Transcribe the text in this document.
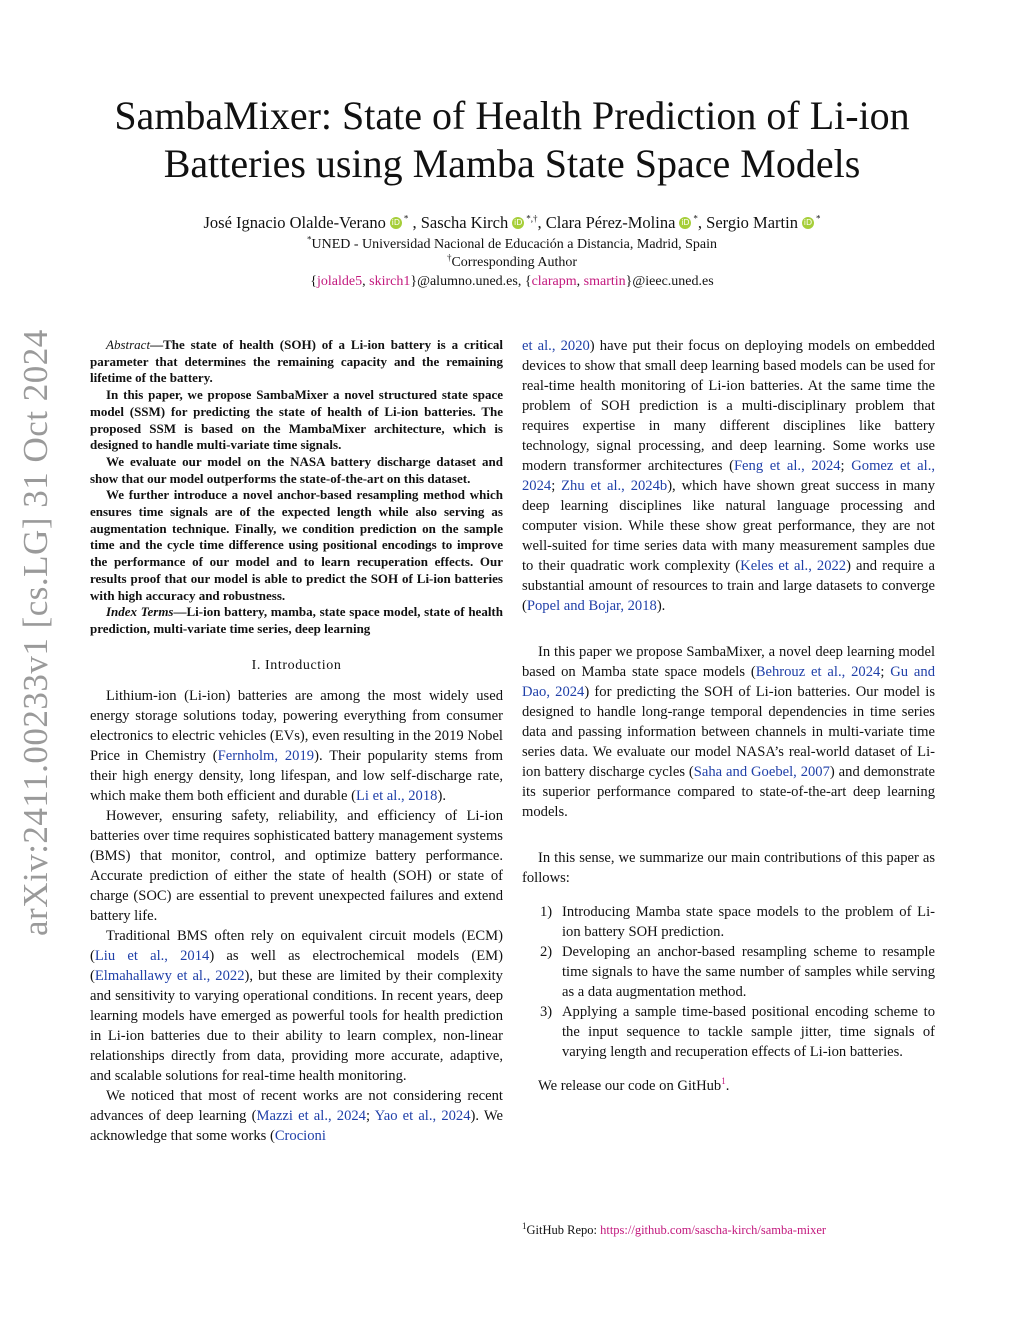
arXiv:2411.00233v1 [cs.LG] 31 Oct 2024
SambaMixer: State of Health Prediction of Li-ion Batteries using Mamba State Space Models
José Ignacio Olalde-Verano iD * , Sascha Kirch iD *,†, Clara Pérez-Molina iD *, Sergio Martin iD *
*UNED - Universidad Nacional de Educación a Distancia, Madrid, Spain
†Corresponding Author
{jolalde5, skirch1}@alumno.uned.es, {clarapm, smartin}@ieec.uned.es

Abstract—The state of health (SOH) of a Li-ion battery is a critical parameter that determines the remaining capacity and the remaining lifetime of the battery.

In this paper, we propose SambaMixer a novel structured state space model (SSM) for predicting the state of health of Li-ion batteries. The proposed SSM is based on the MambaMixer architecture, which is designed to handle multi-variate time signals.

We evaluate our model on the NASA battery discharge dataset and show that our model outperforms the state-of-the-art on this dataset.

We further introduce a novel anchor-based resampling method which ensures time signals are of the expected length while also serving as augmentation technique. Finally, we condition prediction on the sample time and the cycle time difference using positional encodings to improve the performance of our model and to learn recuperation effects. Our results proof that our model is able to predict the SOH of Li-ion batteries with high accuracy and robustness.

Index Terms—Li-ion battery, mamba, state space model, state of health prediction, multi-variate time series, deep learning

I. Introduction

Lithium-ion (Li-ion) batteries are among the most widely used energy storage solutions today, powering everything from consumer electronics to electric vehicles (EVs), even resulting in the 2019 Nobel Price in Chemistry (Fernholm, 2019). Their popularity stems from their high energy density, long lifespan, and low self-discharge rate, which make them both efficient and durable (Li et al., 2018).

However, ensuring safety, reliability, and efficiency of Li-ion batteries over time requires sophisticated battery management systems (BMS) that monitor, control, and optimize battery performance. Accurate prediction of either the state of health (SOH) or state of charge (SOC) are essential to prevent unexpected failures and extend battery life.

Traditional BMS often rely on equivalent circuit models (ECM) (Liu et al., 2014) as well as electrochemical models (EM) (Elmahallawy et al., 2022), but these are limited by their complexity and sensitivity to varying operational conditions. In recent years, deep learning models have emerged as powerful tools for health prediction in Li-ion batteries due to their ability to learn complex, non-linear relationships directly from data, providing more accurate, adaptive, and scalable solutions for real-time health monitoring.

We noticed that most of recent works are not considering recent advances of deep learning (Mazzi et al., 2024; Yao et al., 2024). We acknowledge that some works (Crocioni

et al., 2020) have put their focus on deploying models on embedded devices to show that small deep learning based models can be used for real-time health monitoring of Li-ion batteries. At the same time the problem of SOH prediction is a multi-disciplinary problem that requires expertise in many different disciplines like battery technology, signal processing, and deep learning. Some works use modern transformer architectures (Feng et al., 2024; Gomez et al., 2024; Zhu et al., 2024b), which have shown great success in many deep learning disciplines like natural language processing and computer vision. While these show great performance, they are not well-suited for time series data with many measurement samples due to their quadratic work complexity (Keles et al., 2022) and require a substantial amount of resources to train and large datasets to converge (Popel and Bojar, 2018).

In this paper we propose SambaMixer, a novel deep learning model based on Mamba state space models (Behrouz et al., 2024; Gu and Dao, 2024) for predicting the SOH of Li-ion batteries. Our model is designed to handle long-range temporal dependencies in time series data and passing information between channels in multi-variate time series data. We evaluate our model NASA’s real-world dataset of Li-ion battery discharge cycles (Saha and Goebel, 2007) and demonstrate its superior performance compared to state-of-the-art deep learning models.

In this sense, we summarize our main contributions of this paper as follows:

1) Introducing Mamba state space models to the problem of Li-ion battery SOH prediction.
2) Developing an anchor-based resampling scheme to resample time signals to have the same number of samples while serving as a data augmentation method.
3) Applying a sample time-based positional encoding scheme to the input sequence to tackle sample jitter, time signals of varying length and recuperation effects of Li-ion batteries.

We release our code on GitHub$^1$.

$^1$GitHub Repo: https://github.com/sascha-kirch/samba-mixer
